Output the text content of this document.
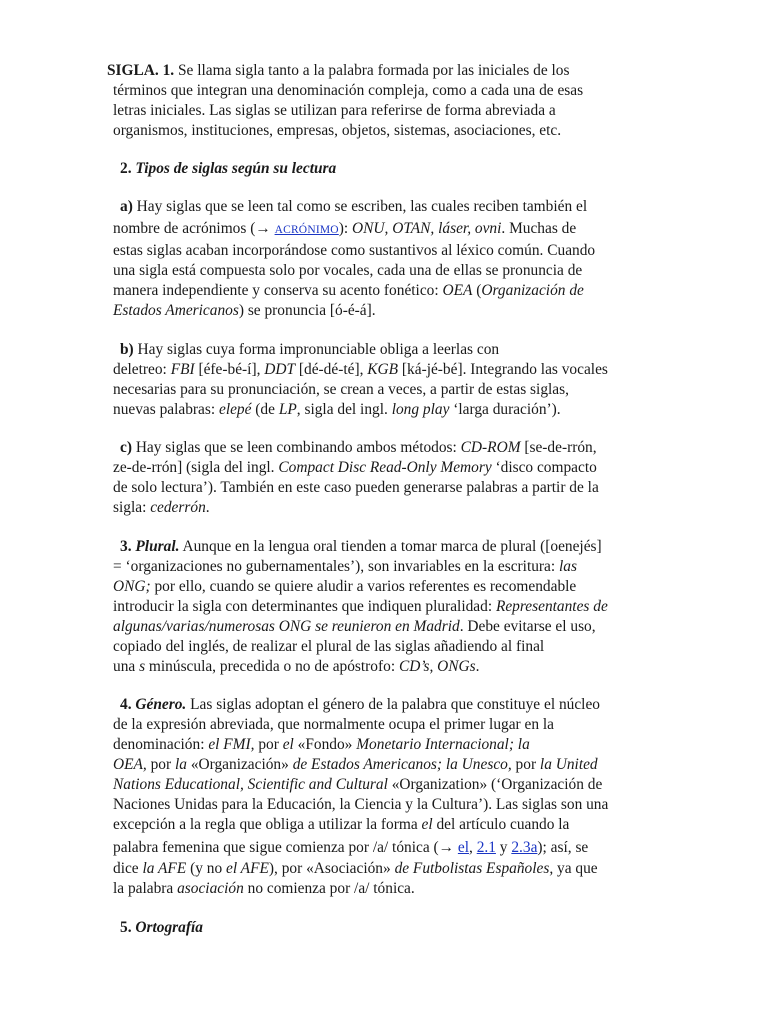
SIGLA. 1. Se llama sigla tanto a la palabra formada por las iniciales de los
términos que integran una denominación compleja, como a cada una de esas
letras iniciales. Las siglas se utilizan para referirse de forma abreviada a
organismos, instituciones, empresas, objetos, sistemas, asociaciones, etc.
2. Tipos de siglas según su lectura
a) Hay siglas que se leen tal como se escriben, las cuales reciben también el
nombre de acrónimos (→ ACRÓNIMO): ONU, OTAN, láser, ovni. Muchas de
estas siglas acaban incorporándose como sustantivos al léxico común. Cuando
una sigla está compuesta solo por vocales, cada una de ellas se pronuncia de
manera independiente y conserva su acento fonético: OEA (Organización de
Estados Americanos) se pronuncia [ó-é-á].
b) Hay siglas cuya forma impronunciable obliga a leerlas con
deletreo: FBI [éfe-bé-í], DDT [dé-dé-té], KGB [ká-jé-bé]. Integrando las vocales
necesarias para su pronunciación, se crean a veces, a partir de estas siglas,
nuevas palabras: elepé (de LP, sigla del ingl. long play ‘larga duración’).
c) Hay siglas que se leen combinando ambos métodos: CD-ROM [se-de-rrón,
ze-de-rrón] (sigla del ingl. Compact Disc Read-Only Memory ‘disco compacto
de solo lectura’). También en este caso pueden generarse palabras a partir de la
sigla: cederrón.
3. Plural. Aunque en la lengua oral tienden a tomar marca de plural ([oenejés]
= ‘organizaciones no gubernamentales’), son invariables en la escritura: las
ONG; por ello, cuando se quiere aludir a varios referentes es recomendable
introducir la sigla con determinantes que indiquen pluralidad: Representantes de
algunas/varias/numerosas ONG se reunieron en Madrid. Debe evitarse el uso,
copiado del inglés, de realizar el plural de las siglas añadiendo al final
una s minúscula, precedida o no de apóstrofo: CD’s, ONGs.
4. Género. Las siglas adoptan el género de la palabra que constituye el núcleo
de la expresión abreviada, que normalmente ocupa el primer lugar en la
denominación: el FMI, por el «Fondo» Monetario Internacional; la
OEA, por la «Organización» de Estados Americanos; la Unesco, por la United
Nations Educational, Scientific and Cultural «Organization» (‘Organización de
Naciones Unidas para la Educación, la Ciencia y la Cultura’). Las siglas son una
excepción a la regla que obliga a utilizar la forma el del artículo cuando la
palabra femenina que sigue comienza por /a/ tónica (→ el, 2.1 y 2.3a); así, se
dice la AFE (y no el AFE), por «Asociación» de Futbolistas Españoles, ya que
la palabra asociación no comienza por /a/ tónica.
5. Ortografía
